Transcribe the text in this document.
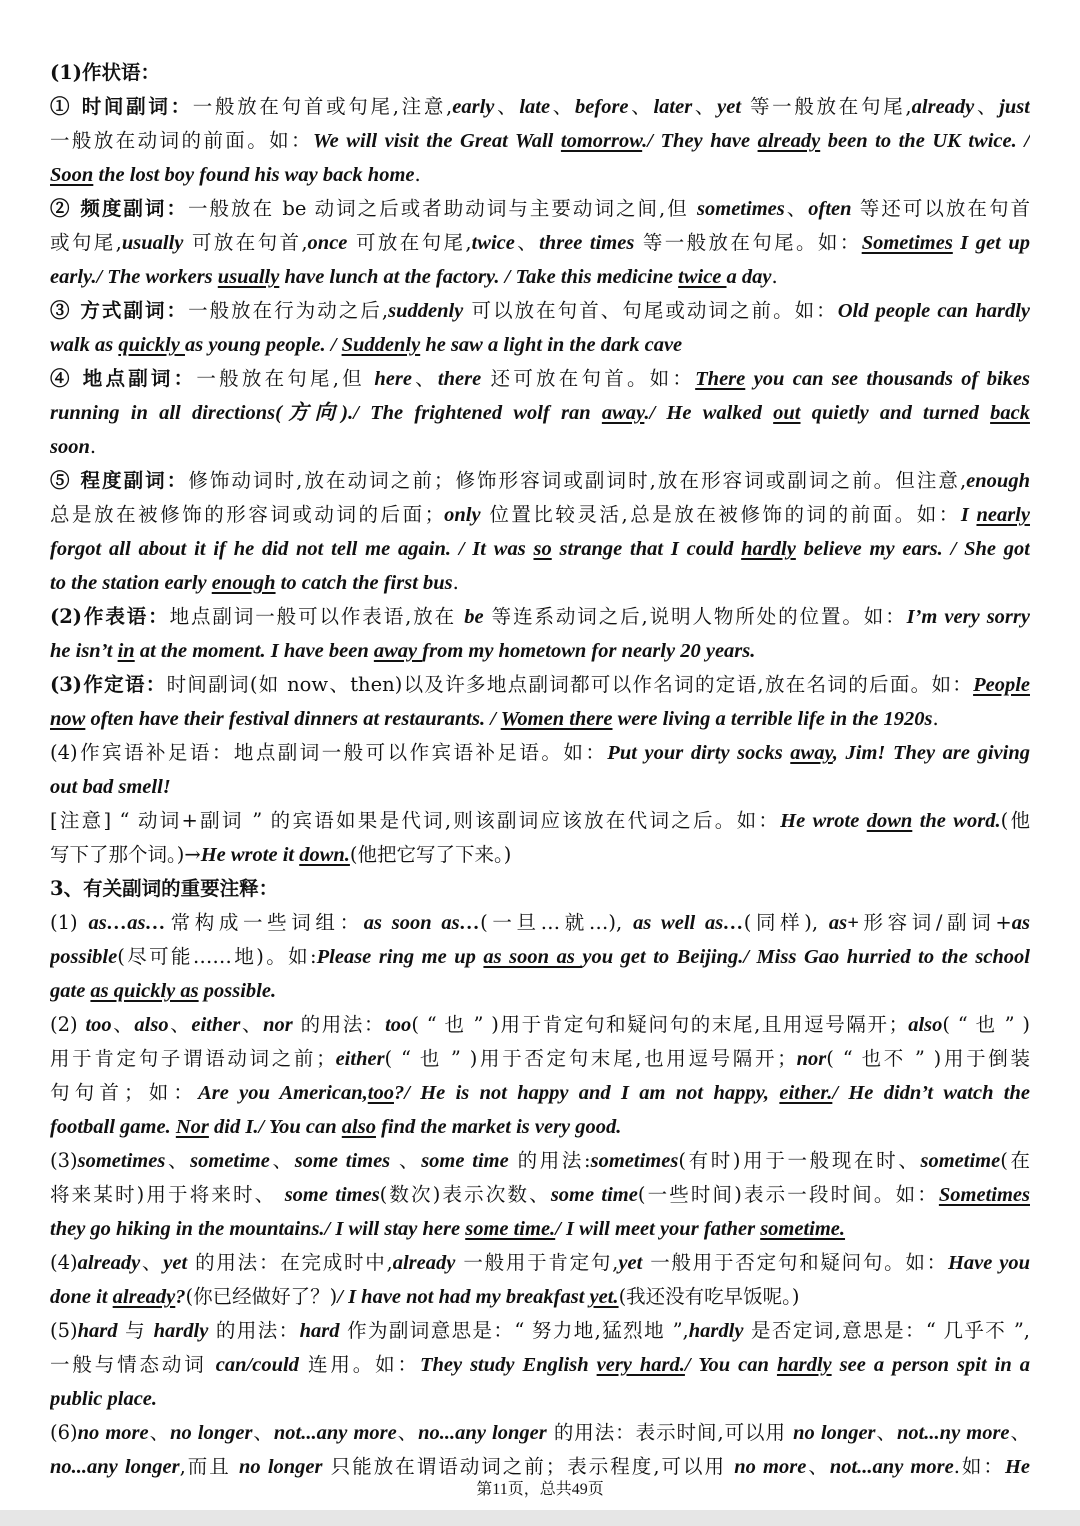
(1)作状语：
① 时间副词：一般放在句首或句尾,注意,early、late、before、later、yet 等一般放在句尾,already、just
一般放在动词的前面。如：We will visit the Great Wall tomorrow./ They have already been to the UK twice. /
Soon the lost boy found his way back home.
② 频度副词：一般放在 be 动词之后或者助动词与主要动词之间,但 sometimes、often 等还可以放在句首
或句尾,usually 可放在句首,once 可放在句尾,twice、three times 等一般放在句尾。如：Sometimes I get up
early./ The workers usually have lunch at the factory. / Take this medicine twice a day.
③ 方式副词：一般放在行为动之后,suddenly 可以放在句首、句尾或动词之前。如：Old people can hardly
walk as quickly as young people. / Suddenly he saw a light in the dark cave
④ 地点副词：一般放在句尾,但 here、there 还可放在句首。如：There you can see thousands of bikes
running in all directions(方向)./ The frightened wolf ran away./ He walked out quietly and turned back
soon.
⑤ 程度副词：修饰动词时,放在动词之前；修饰形容词或副词时,放在形容词或副词之前。但注意,enough
总是放在被修饰的形容词或动词的后面；only 位置比较灵活,总是放在被修饰的词的前面。如：I nearly
forgot all about it if he did not tell me again. / It was so strange that I could hardly believe my ears. / She got
to the station early enough to catch the first bus.
(2)作表语：地点副词一般可以作表语,放在 be 等连系动词之后,说明人物所处的位置。如：I’m very sorry
he isn’t in at the moment. I have been away from my hometown for nearly 20 years.
(3)作定语：时间副词(如 now、then)以及许多地点副词都可以作名词的定语,放在名词的后面。如：People
now often have their festival dinners at restaurants. / Women there were living a terrible life in the 1920s.
(4)作宾语补足语：地点副词一般可以作宾语补足语。如：Put your dirty socks away, Jim! They are giving
out bad smell!
[注意] “ 动词+副词 ” 的宾语如果是代词,则该副词应该放在代词之后。如：He wrote down the word.(他
写下了那个词。)→He wrote it down.(他把它写了下来。)
3、有关副词的重要注释：
(1) as…as…常构成一些词组：as soon as…(一旦…就…), as well as…(同样), as+形容词/副词+as
possible(尽可能……地)。如:Please ring me up as soon as you get to Beijing./ Miss Gao hurried to the school
gate as quickly as possible.
(2) too、also、either、nor 的用法：too( “ 也 ” )用于肯定句和疑问句的末尾,且用逗号隔开；also( “ 也 ” )
用于肯定句子谓语动词之前；either( “ 也 ” )用于否定句末尾,也用逗号隔开；nor( “ 也不 ” )用于倒装
句句首；如：Are you American,too?/ He is not happy and I am not happy, either./ He didn’t watch the
football game. Nor did I./ You can also find the market is very good.
(3)sometimes、sometime、some times 、some time 的用法:sometimes(有时)用于一般现在时、sometime(在
将来某时)用于将来时、 some times(数次)表示次数、some time(一些时间)表示一段时间。如：Sometimes
they go hiking in the mountains./ I will stay here some time./ I will meet your father sometime.
(4)already、yet 的用法：在完成时中,already 一般用于肯定句,yet 一般用于否定句和疑问句。如：Have you
done it already?(你已经做好了？)/ I have not had my breakfast yet.(我还没有吃早饭呢。)
(5)hard 与 hardly 的用法：hard 作为副词意思是：“ 努力地,猛烈地 ”,hardly 是否定词,意思是：“ 几乎不 ”,
一般与情态动词 can/could 连用。如：They study English very hard./ You can hardly see a person spit in a
public place.
(6)no more、no longer、not...any more、no...any longer 的用法：表示时间,可以用 no longer、not...ny more、
no...any longer,而且 no longer 只能放在谓语动词之前；表示程度,可以用 no more、not...any more.如：He
第11页，总共49页
